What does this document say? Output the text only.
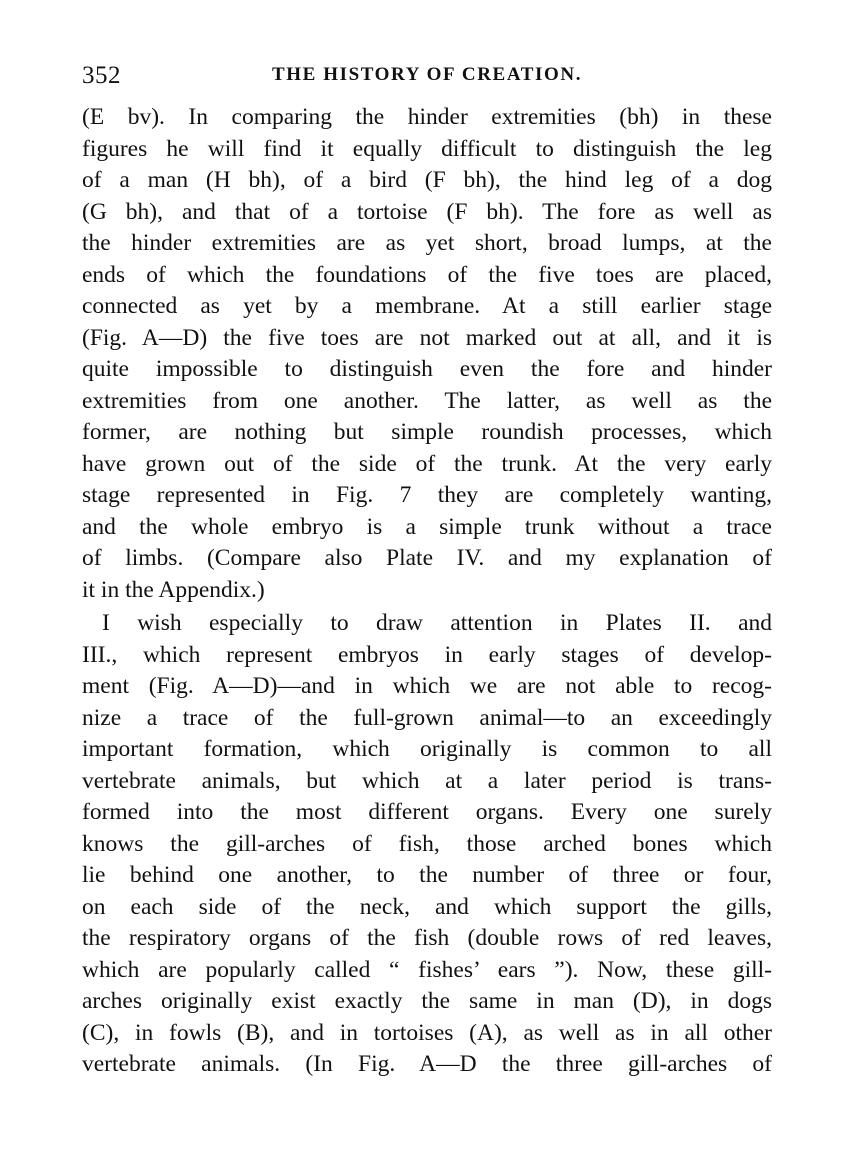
352	THE HISTORY OF CREATION.
(E bv). In comparing the hinder extremities (bh) in these
figures he will find it equally difficult to distinguish the leg
of a man (H bh), of a bird (F bh), the hind leg of a dog
(G bh), and that of a tortoise (F bh). The fore as well as
the hinder extremities are as yet short, broad lumps, at the
ends of which the foundations of the five toes are placed,
connected as yet by a membrane. At a still earlier stage
(Fig. A—D) the five toes are not marked out at all, and it is
quite impossible to distinguish even the fore and hinder
extremities from one another. The latter, as well as the
former, are nothing but simple roundish processes, which
have grown out of the side of the trunk. At the very early
stage represented in Fig. 7 they are completely wanting,
and the whole embryo is a simple trunk without a trace
of limbs. (Compare also Plate IV. and my explanation of
it in the Appendix.)
I wish especially to draw attention in Plates II. and
III., which represent embryos in early stages of develop-
ment (Fig. A—D)—and in which we are not able to recog-
nize a trace of the full-grown animal—to an exceedingly
important formation, which originally is common to all
vertebrate animals, but which at a later period is trans-
formed into the most different organs. Every one surely
knows the gill-arches of fish, those arched bones which
lie behind one another, to the number of three or four,
on each side of the neck, and which support the gills,
the respiratory organs of the fish (double rows of red leaves,
which are popularly called “ fishes’ ears ”). Now, these gill-
arches originally exist exactly the same in man (D), in dogs
(C), in fowls (B), and in tortoises (A), as well as in all other
vertebrate animals. (In Fig. A—D the three gill-arches of
